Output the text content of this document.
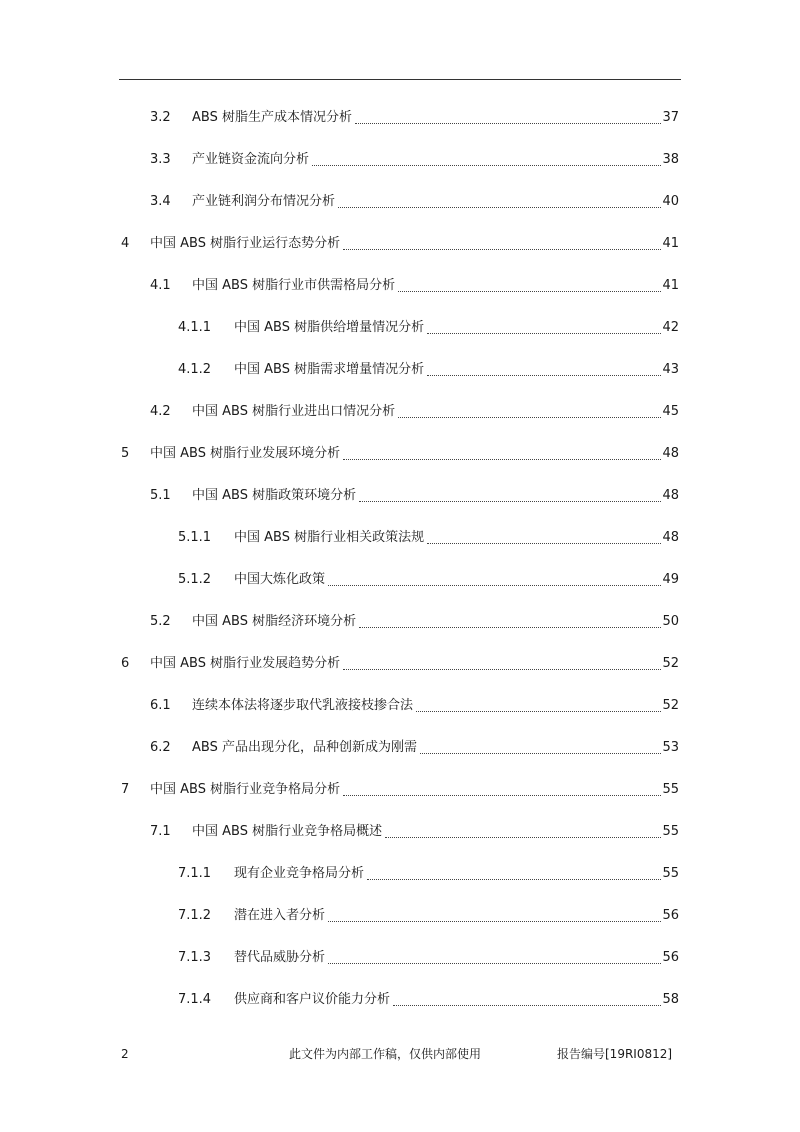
3.2	ABS 树脂生产成本情况分析	37
3.3	产业链资金流向分析	38
3.4	产业链利润分布情况分析	40
4	中国 ABS 树脂行业运行态势分析	41
4.1	中国 ABS 树脂行业市供需格局分析	41
4.1.1	中国 ABS 树脂供给增量情况分析	42
4.1.2	中国 ABS 树脂需求增量情况分析	43
4.2	中国 ABS 树脂行业进出口情况分析	45
5	中国 ABS 树脂行业发展环境分析	48
5.1	中国 ABS 树脂政策环境分析	48
5.1.1	中国 ABS 树脂行业相关政策法规	48
5.1.2	中国大炼化政策	49
5.2	中国 ABS 树脂经济环境分析	50
6	中国 ABS 树脂行业发展趋势分析	52
6.1	连续本体法将逐步取代乳液接枝掺合法	52
6.2	ABS 产品出现分化，品种创新成为刚需	53
7	中国 ABS 树脂行业竞争格局分析	55
7.1	中国 ABS 树脂行业竞争格局概述	55
7.1.1	现有企业竞争格局分析	55
7.1.2	潜在进入者分析	56
7.1.3	替代品威胁分析	56
7.1.4	供应商和客户议价能力分析	58
2	此文件为内部工作稿，仅供内部使用	报告编号[19RI0812]
